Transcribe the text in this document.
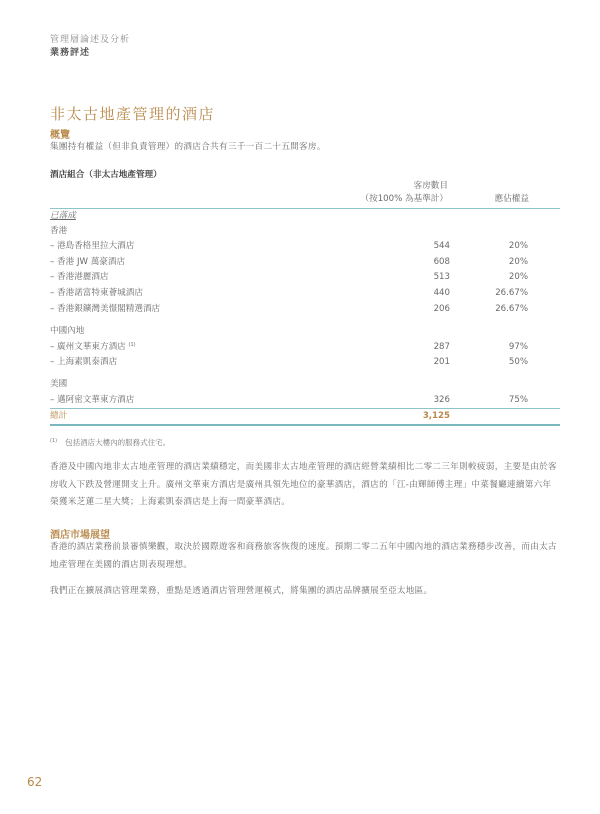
管理層論述及分析
業務評述
非太古地產管理的酒店
概覽
集團持有權益（但非負責管理）的酒店合共有三千一百二十五間客房。
酒店組合（非太古地產管理）
客房數目
（按100% 為基準計）	應佔權益
已落成
香港
– 港島香格里拉大酒店	544	20%
– 香港 JW 萬豪酒店	608	20%
– 香港港麗酒店	513	20%
– 香港諾富特東薈城酒店	440	26.67%
– 香港銀鑛灣美憬閣精選酒店	206	26.67%
中國內地
– 廣州文華東方酒店 $^{(1)}$	287	97%
– 上海素凱泰酒店	201	50%
美國
– 邁阿密文華東方酒店	326	75%
總計	3,125
$^{(1)}$ 包括酒店大樓內的服務式住宅。
香港及中國內地非太古地產管理的酒店業績穩定，而美國非太古地產管理的酒店經營業績相比二零二三年則較疲弱，主要是由於客房收入下跌及營運開支上升。廣州文華東方酒店是廣州具領先地位的豪華酒店，酒店的「江-由輝師傅主理」中菜餐廳連續第六年榮獲米芝蓮二星大獎；上海素凱泰酒店是上海一間豪華酒店。
酒店市場展望
香港的酒店業務前景審慎樂觀，取決於國際遊客和商務旅客恢復的速度。預期二零二五年中國內地的酒店業務穩步改善，而由太古地產管理在美國的酒店則表現理想。
我們正在擴展酒店管理業務，重點是透過酒店管理營運模式，將集團的酒店品牌擴展至亞太地區。
62
